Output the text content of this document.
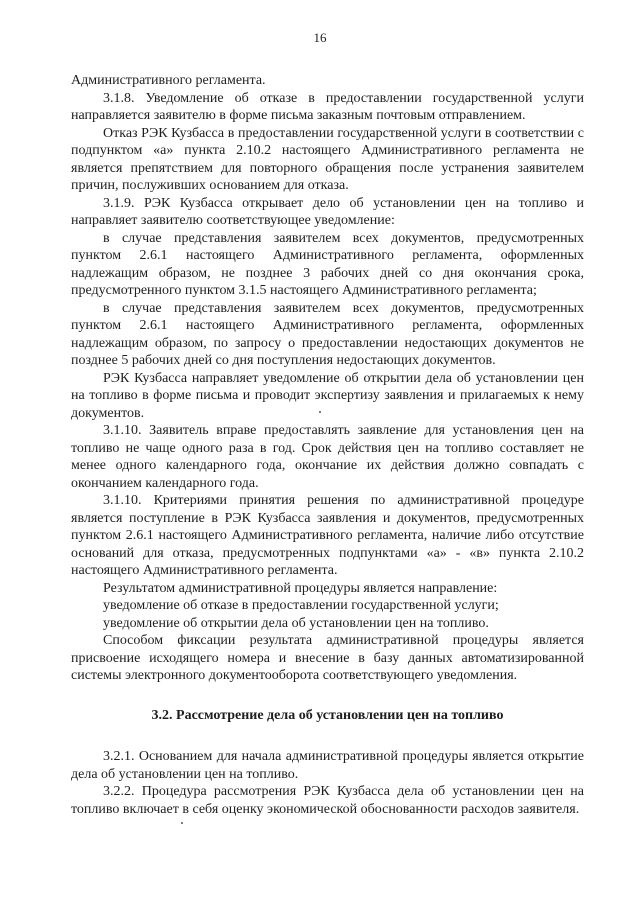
16

Административного регламента.

3.1.8. Уведомление об отказе в предоставлении государственной услуги направляется заявителю в форме письма заказным почтовым отправлением.

Отказ РЭК Кузбасса в предоставлении государственной услуги в соответствии с подпунктом «а» пункта 2.10.2 настоящего Административного регламента не является препятствием для повторного обращения после устранения заявителем причин, послуживших основанием для отказа.

3.1.9. РЭК Кузбасса открывает дело об установлении цен на топливо и направляет заявителю соответствующее уведомление:

в случае представления заявителем всех документов, предусмотренных пунктом 2.6.1 настоящего Административного регламента, оформленных надлежащим образом, не позднее 3 рабочих дней со дня окончания срока, предусмотренного пунктом 3.1.5 настоящего Административного регламента;

в случае представления заявителем всех документов, предусмотренных пунктом 2.6.1 настоящего Административного регламента, оформленных надлежащим образом, по запросу о предоставлении недостающих документов не позднее 5 рабочих дней со дня поступления недостающих документов.

РЭК Кузбасса направляет уведомление об открытии дела об установлении цен на топливо в форме письма и проводит экспертизу заявления и прилагаемых к нему документов.

3.1.10. Заявитель вправе предоставлять заявление для установления цен на топливо не чаще одного раза в год. Срок действия цен на топливо составляет не менее одного календарного года, окончание их действия должно совпадать с окончанием календарного года.

3.1.10. Критериями принятия решения по административной процедуре является поступление в РЭК Кузбасса заявления и документов, предусмотренных пунктом 2.6.1 настоящего Административного регламента, наличие либо отсутствие оснований для отказа, предусмотренных подпунктами «а» - «в» пункта 2.10.2 настоящего Административного регламента.

Результатом административной процедуры является направление:

уведомление об отказе в предоставлении государственной услуги;

уведомление об открытии дела об установлении цен на топливо.

Способом фиксации результата административной процедуры является присвоение исходящего номера и внесение в базу данных автоматизированной системы электронного документооборота соответствующего уведомления.

3.2. Рассмотрение дела об установлении цен на топливо

3.2.1. Основанием для начала административной процедуры является открытие дела об установлении цен на топливо.

3.2.2. Процедура рассмотрения РЭК Кузбасса дела об установлении цен на топливо включает в себя оценку экономической обоснованности расходов заявителя.
